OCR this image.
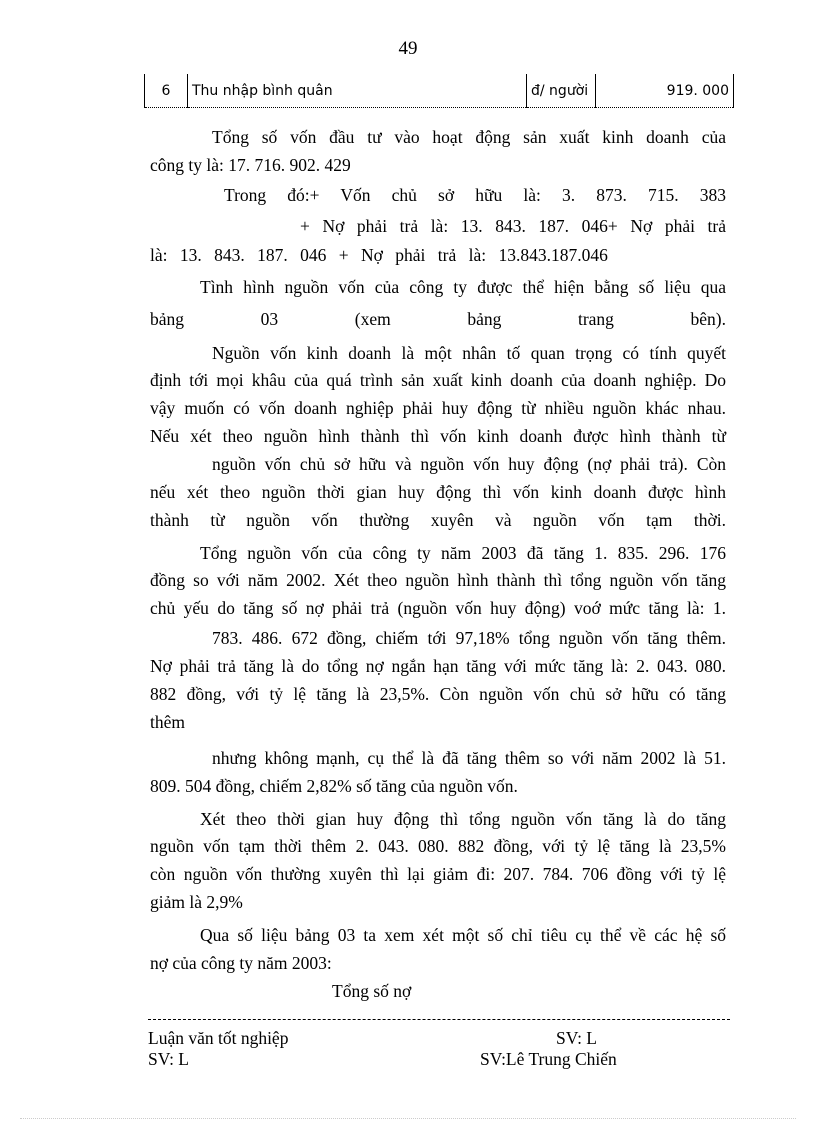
49
6	Thu nhập bình quân	đ/ người	919. 000
Tổng số vốn đầu tư vào hoạt động sản xuất kinh doanh của
công ty là: 17. 716. 902. 429
Trong đó:+ Vốn chủ sở hữu là: 3. 873. 715. 383
+ Nợ phải trả là: 13. 843. 187. 046+ Nợ phải trả
là: 13. 843. 187. 046 + Nợ phải trả là: 13.843.187.046
Tình hình nguồn vốn của công ty được thể hiện bằng số liệu qua
bảng 03 (xem bảng trang bên).
Nguồn vốn kinh doanh là một nhân tố quan trọng có tính quyết
định tới mọi khâu của quá trình sản xuất kinh doanh của doanh nghiệp. Do
vậy muốn có vốn doanh nghiệp phải huy động từ nhiều nguồn khác nhau.
Nếu xét theo nguồn hình thành thì vốn kinh doanh được hình thành từ
nguồn vốn chủ sở hữu và nguồn vốn huy động (nợ phải trả). Còn
nếu xét theo nguồn thời gian huy động thì vốn kinh doanh được hình
thành từ nguồn vốn thường xuyên và nguồn vốn tạm thời.
Tổng nguồn vốn của công ty năm 2003 đã tăng 1. 835. 296. 176
đồng so với năm 2002. Xét theo nguồn hình thành thì tổng nguồn vốn tăng
chủ yếu do tăng số nợ phải trả (nguồn vốn huy động) voớ mức tăng là: 1.
783. 486. 672 đồng, chiếm tới 97,18% tổng nguồn vốn tăng thêm.
Nợ phải trả tăng là do tổng nợ ngắn hạn tăng với mức tăng là: 2. 043. 080.
882 đồng, với tỷ lệ tăng là 23,5%. Còn nguồn vốn chủ sở hữu có tăng
thêm
nhưng không mạnh, cụ thể là đã tăng thêm so với năm 2002 là 51.
809. 504 đồng, chiếm 2,82% số tăng của nguồn vốn.
Xét theo thời gian huy động thì tổng nguồn vốn tăng là do tăng
nguồn vốn tạm thời thêm 2. 043. 080. 882 đồng, với tỷ lệ tăng là 23,5%
còn nguồn vốn thường xuyên thì lại giảm đi: 207. 784. 706 đồng với tỷ lệ
giảm là 2,9%
Qua số liệu bảng 03 ta xem xét một số chỉ tiêu cụ thể về các hệ số
nợ của công ty năm 2003:
Tổng số nợ
Luận văn tốt nghiệp	SV: L
SV: L	SV:Lê Trung Chiến
